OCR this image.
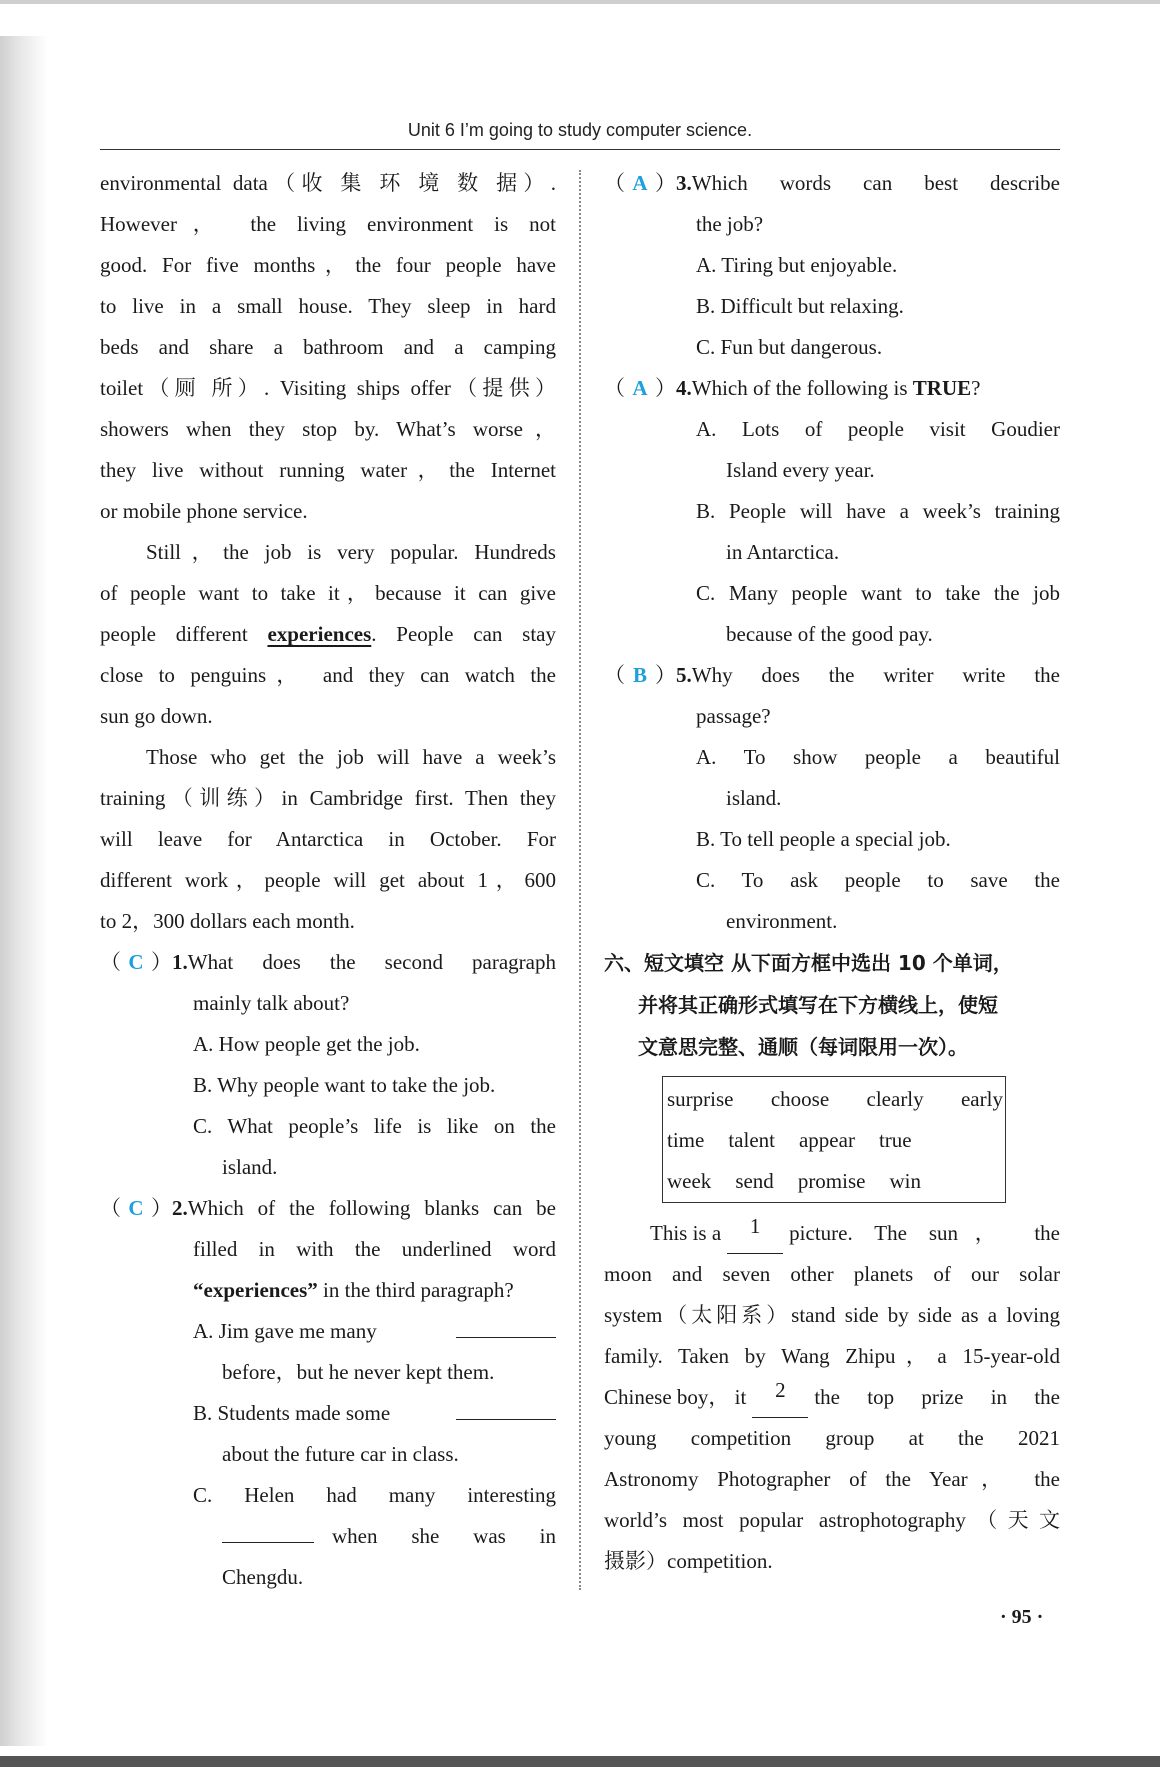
Unit 6 I’m going to study computer science.

environmental data（收 集 环 境 数 据）.

However， the living environment is not

good. For five months，the four people have

to live in a small house. They sleep in hard

beds and share a bathroom and a camping

toilet（厕 所）. Visiting ships offer（提供）

showers when they stop by. What’s worse，

they live without running water，the Internet

or mobile phone service.

Still，the job is very popular. Hundreds

of people want to take it，because it can give

people different experiences. People can stay

close to penguins， and they can watch the

sun go down.

Those who get the job will have a week’s

training（训练）in Cambridge first. Then they

will leave for Antarctica in October. For

different work，people will get about 1，600

to 2，300 dollars each month.

（ C ）1. What does the second paragraph

mainly talk about?

A. How people get the job.

B. Why people want to take the job.

C. What people’s life is like on the

island.

（ C ）2. Which of the following blanks can be

filled in with the underlined word

“experiences” in the third paragraph?

A. Jim gave me many

before，but he never kept them.

B. Students made some

about the future car in class.

C. Helen had many interesting

when she was in

Chengdu.

（ A ）3. Which words can best describe

the job?

A. Tiring but enjoyable.

B. Difficult but relaxing.

C. Fun but dangerous.

（ A ）4. Which of the following is TRUE?

A. Lots of people visit Goudier

Island every year.

B. People will have a week’s training

in Antarctica.

C. Many people want to take the job

because of the good pay.

（ B ）5. Why does the writer write the

passage?

A. To show people a beautiful

island.

B. To tell people a special job.

C. To ask people to save the

environment.

六、短文填空 从下面方框中选出 10 个单词，
并将其正确形式填写在下方横线上，使短
文意思完整、通顺（每词限用一次）。
surprise choose clearly early
time talent appear true
week send promise win

This is a	1	picture. The sun， the

moon and seven other planets of our solar

system（太阳系）stand side by side as a loving

family. Taken by Wang Zhipu，a 15-year-old

Chinese boy， it	2	the top prize in the

young competition group at the 2021

Astronomy Photographer of the Year， the

world’s most popular astrophotography（天文

摄影）competition.

· 95 ·
